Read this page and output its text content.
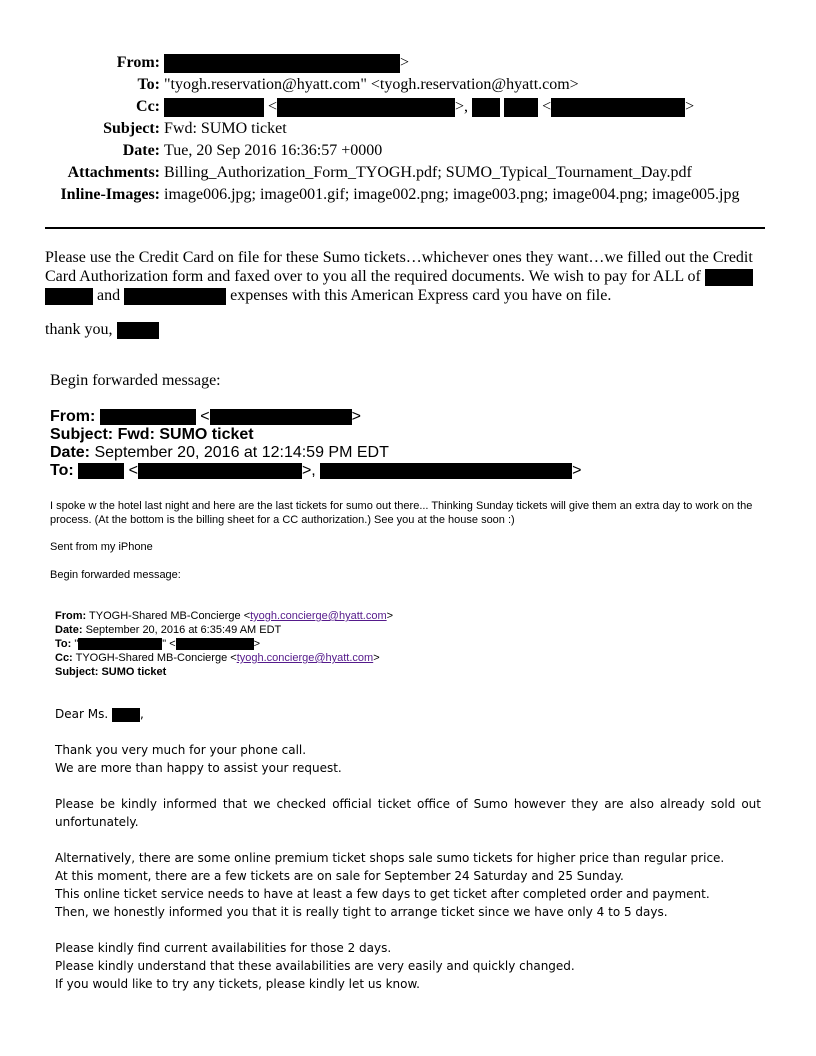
From:	>
To: "tyogh.reservation@hyatt.com" <tyogh.reservation@hyatt.com>
Cc:	<	>,	<	>
Subject: Fwd: SUMO ticket
Date: Tue, 20 Sep 2016 16:36:57 +0000
Attachments: Billing_Authorization_Form_TYOGH.pdf; SUMO_Typical_Tournament_Day.pdf
Inline-Images: image006.jpg; image001.gif; image002.png; image003.png; image004.png; image005.jpg
Please use the Credit Card on file for these Sumo tickets…whichever ones they want…we filled out the Credit Card Authorization form and faxed over to you all the required documents. We wish to pay for ALL of   and	expenses with this American Express card you have on file.
thank you,
Begin forwarded message:
From:	<	>
Subject: Fwd: SUMO ticket
Date: September 20, 2016 at 12:14:59 PM EDT
To:	<	>,	>
I spoke w the hotel last night and here are the last tickets for sumo out there... Thinking Sunday tickets will give them an extra day to work on the process. (At the bottom is the billing sheet for a CC authorization.) See you at the house soon :)
Sent from my iPhone
Begin forwarded message:
From: TYOGH-Shared MB-Concierge <tyogh.concierge@hyatt.com>
Date: September 20, 2016 at 6:35:49 AM EDT
To: "	" <	>
Cc: TYOGH-Shared MB-Concierge <tyogh.concierge@hyatt.com>
Subject: SUMO ticket

Dear Ms. ,

Thank you very much for your phone call.

We are more than happy to assist your request.

Please be kindly informed that we checked official ticket office of Sumo however they are also already sold out unfortunately.

Alternatively, there are some online premium ticket shops sale sumo tickets for higher price than regular price.

At this moment, there are a few tickets are on sale for September 24 Saturday and 25 Sunday.

This online ticket service needs to have at least a few days to get ticket after completed order and payment.

Then, we honestly informed you that it is really tight to arrange ticket since we have only 4 to 5 days.

Please kindly find current availabilities for those 2 days.

Please kindly understand that these availabilities are very easily and quickly changed.

If you would like to try any tickets, please kindly let us know.
